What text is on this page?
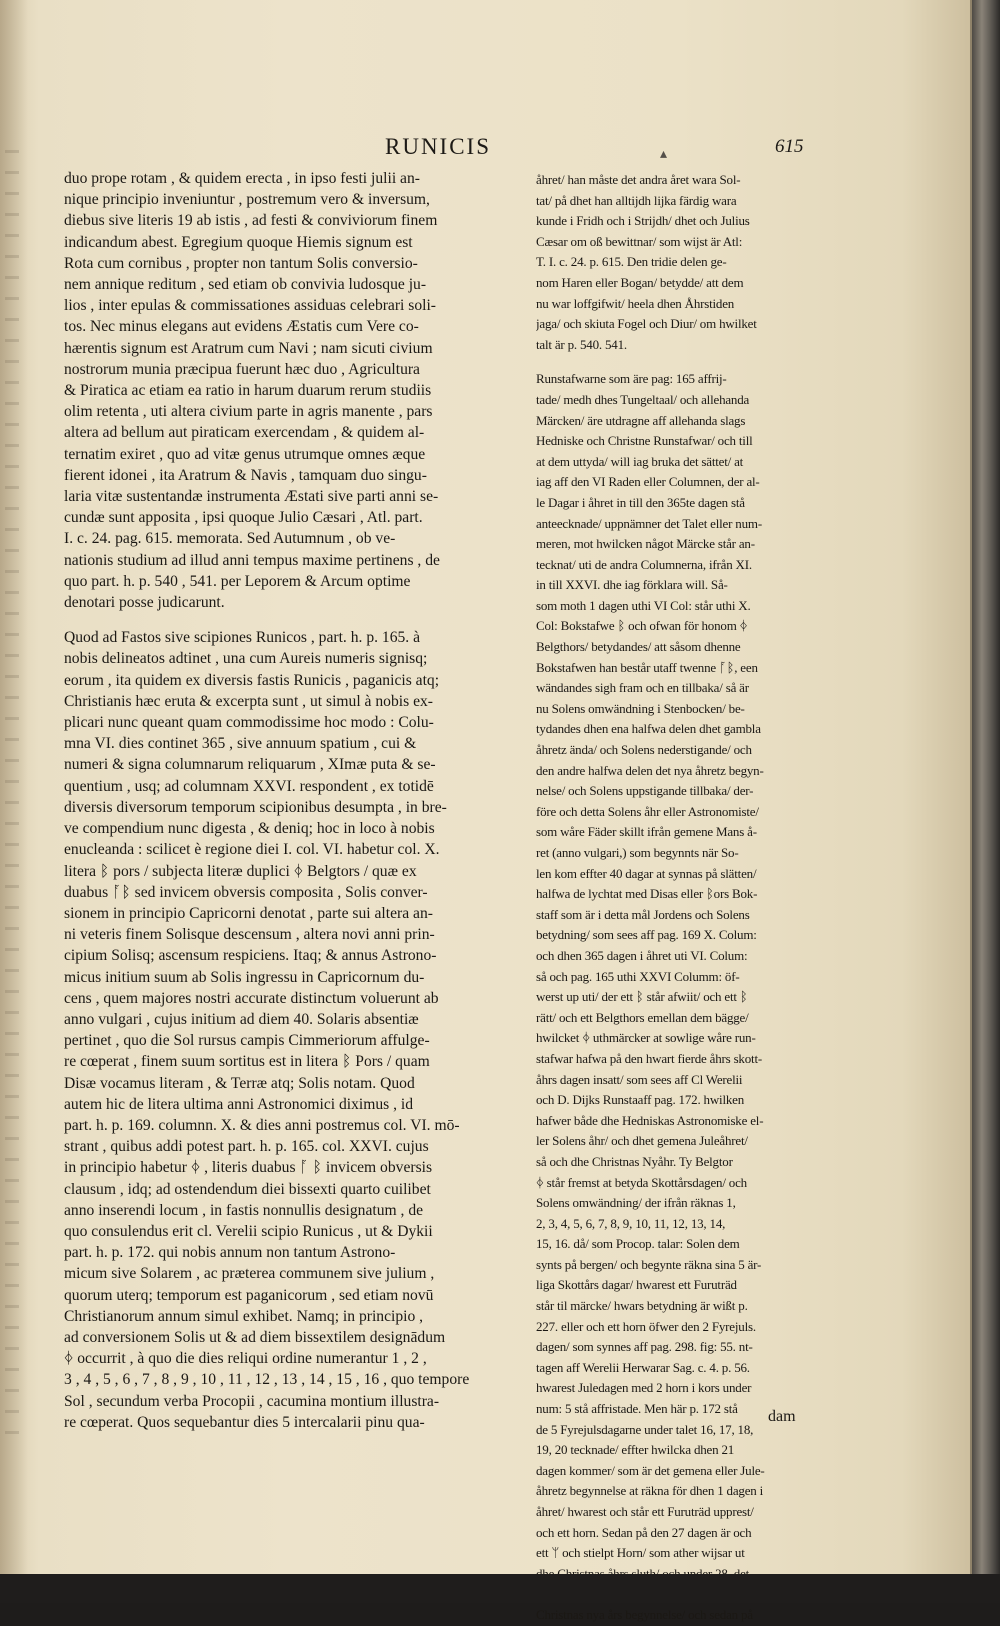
RUNICIS	▴	615
duo prope rotam , & quidem erecta , in ipso festi julii an-
nique principio inveniuntur , postremum vero & inversum,
diebus sive literis 19 ab istis , ad festi & conviviorum finem
indicandum abest. Egregium quoque Hiemis signum est
Rota cum cornibus , propter non tantum Solis conversio-
nem annique reditum , sed etiam ob convivia ludosque ju-
lios , inter epulas & commissationes assiduas celebrari soli-
tos. Nec minus elegans aut evidens Æstatis cum Vere co-
hærentis signum est Aratrum cum Navi ; nam sicuti civium
nostrorum munia præcipua fuerunt hæc duo , Agricultura
& Piratica ac etiam ea ratio in harum duarum rerum studiis
olim retenta , uti altera civium parte in agris manente , pars
altera ad bellum aut piraticam exercendam , & quidem al-
ternatim exiret , quo ad vitæ genus utrumque omnes æque
fierent idonei , ita Aratrum & Navis , tamquam duo singu-
laria vitæ sustentandæ instrumenta Æstati sive parti anni se-
cundæ sunt apposita , ipsi quoque Julio Cæsari , Atl. part.
I. c. 24. pag. 615. memorata. Sed Autumnum , ob ve-
nationis studium ad illud anni tempus maxime pertinens , de
quo part. h. p. 540 , 541. per Leporem & Arcum optime
denotari posse judicarunt.
Quod ad Fastos sive scipiones Runicos , part. h. p. 165. à
nobis delineatos adtinet , una cum Aureis numeris signisq;
eorum , ita quidem ex diversis fastis Runicis , paganicis atq;
Christianis hæc eruta & excerpta sunt , ut simul à nobis ex-
plicari nunc queant quam commodissime hoc modo : Colu-
mna VI. dies continet 365 , sive annuum spatium , cui &
numeri & signa columnarum reliquarum , XImæ puta & se-
quentium , usq; ad columnam XXVI. respondent , ex totidē
diversis diversorum temporum scipionibus desumpta , in bre-
ve compendium nunc digesta , & deniq; hoc in loco à nobis
enucleanda : scilicet è regione diei I. col. VI. habetur col. X.
litera ᛒ pors / subjecta literæ duplici ᛄ Belgtors / quæ ex
duabus ᚪᛒ sed invicem obversis composita , Solis conver-
sionem in principio Capricorni denotat , parte sui altera an-
ni veteris finem Solisque descensum , altera novi anni prin-
cipium Solisq; ascensum respiciens. Itaq; & annus Astrono-
micus initium suum ab Solis ingressu in Capricornum du-
cens , quem majores nostri accurate distinctum voluerunt ab
anno vulgari , cujus initium ad diem 40. Solaris absentiæ
pertinet , quo die Sol rursus campis Cimmeriorum affulge-
re cœperat , finem suum sortitus est in litera ᛒ Pors / quam
Disæ vocamus literam , & Terræ atq; Solis notam. Quod
autem hic de litera ultima anni Astronomici diximus , id
part. h. p. 169. columnn. X. & dies anni postremus col. VI. mō-
strant , quibus addi potest part. h. p. 165. col. XXVI. cujus
in principio habetur ᛄ , literis duabus ᚪ ᛒ invicem obversis
clausum , idq; ad ostendendum diei bissexti quarto cuilibet
anno inserendi locum , in fastis nonnullis designatum , de
quo consulendus erit cl. Verelii scipio Runicus , ut & Dykii
part. h. p. 172. qui nobis annum non tantum Astrono-
micum sive Solarem , ac præterea communem sive julium ,
quorum uterq; temporum est paganicorum , sed etiam novū
Christianorum annum simul exhibet. Namq; in principio ,
ad conversionem Solis ut & ad diem bissextilem designādum
ᛄ occurrit , à quo die dies reliqui ordine numerantur 1 , 2 ,
3 , 4 , 5 , 6 , 7 , 8 , 9 , 10 , 11 , 12 , 13 , 14 , 15 , 16 , quo tempore
Sol , secundum verba Procopii , cacumina montium illustra-
re cœperat. Quos sequebantur dies 5 intercalarii pinu qua-
åhret/ han måste det andra året wara Sol-
tat/ på dhet han alltijdh lijka färdig wara
kunde i Fridh och i Strijdh/ dhet och Julius
Cæsar om oß bewittnar/ som wijst är Atl:
T. I. c. 24. p. 615. Den tridie delen ge-
nom Haren eller Bogan/ betydde/ att dem
nu war loffgifwit/ heela dhen Åhrstiden
jaga/ och skiuta Fogel och Diur/ om hwilket
talt är p. 540. 541.
Runstafwarne som äre pag: 165 affrij-
tade/ medh dhes Tungeltaal/ och allehanda
Märcken/ äre utdragne aff allehanda slags
Hedniske och Christne Runstafwar/ och till
at dem uttyda/ will iag bruka det sättet/ at
iag aff den VI Raden eller Columnen, der al-
le Dagar i åhret in till den 365te dagen stå
anteecknade/ uppnämner det Talet eller num-
meren, mot hwilcken något Märcke står an-
tecknat/ uti de andra Columnerna, ifrån XI.
in till XXVI. dhe iag förklara will. Så-
som moth 1 dagen uthi VI Col: står uthi X.
Col: Bokstafwe ᛒ och ofwan för honom ᛄ
Belgthors/ betydandes/ att såsom dhenne
Bokstafwen han består utaff twenne ᚪᛒ, een
wändandes sigh fram och en tillbaka/ så är
nu Solens omwändning i Stenbocken/ be-
tydandes dhen ena halfwa delen dhet gambla
åhretz ända/ och Solens nederstigande/ och
den andre halfwa delen det nya åhretz begyn-
nelse/ och Solens uppstigande tillbaka/ der-
före och detta Solens åhr eller Astronomiste/
som wåre Fäder skillt ifrån gemene Mans å-
ret (anno vulgari,) som begynnts när So-
len kom effter 40 dagar at synnas på slätten/
halfwa de lychtat med Disas eller ᛒors Bok-
staff som är i detta mål Jordens och Solens
betydning/ som sees aff pag. 169 X. Colum:
och dhen 365 dagen i åhret uti VI. Colum:
så och pag. 165 uthi XXVI Columm: öf-
werst up uti/ der ett ᛒ står afwiit/ och ett ᛒ
rätt/ och ett Belgthors emellan dem bägge/
hwilcket ᛄ uthmärcker at sowlige wåre run-
stafwar hafwa på den hwart fierde åhrs skott-
åhrs dagen insatt/ som sees aff Cl Werelii
och D. Dijks Runstaaff pag. 172. hwilken
hafwer både dhe Hedniskas Astronomiske el-
ler Solens åhr/ och dhet gemena Juleåhret/
så och dhe Christnas Nyåhr. Ty Belgtor
ᛄ står fremst at betyda Skottårsdagen/ och
Solens omwändning/ der ifrån räknas 1,
2, 3, 4, 5, 6, 7, 8, 9, 10, 11, 12, 13, 14,
15, 16. då/ som Procop. talar: Solen dem
synts på bergen/ och begynte räkna sina 5 är-
liga Skottårs dagar/ hwarest ett Furuträd
står til märcke/ hwars betydning är wißt p.
227. eller och ett horn öfwer den 2 Fyrejuls.
dagen/ som synnes aff pag. 298. fig: 55. nt-
tagen aff Werelii Herwarar Sag. c. 4. p. 56.
hwarest Juledagen med 2 horn i kors under
num: 5 stå affristade. Men här p. 172 stå
de 5 Fyrejulsdagarne under talet 16, 17, 18,
19, 20 tecknade/ effter hwilcka dhen 21
dagen kommer/ som är det gemena eller Jule-
åhretz begynnelse at räkna för dhen 1 dagen i
åhret/ hwarest och står ett Furuträd upprest/
och ett horn. Sedan på den 27 dagen är och
ett ᛘ och stielpt Horn/ som ather wijsar ut
Christnas nya års begynnelse/ och sedan på
dam
